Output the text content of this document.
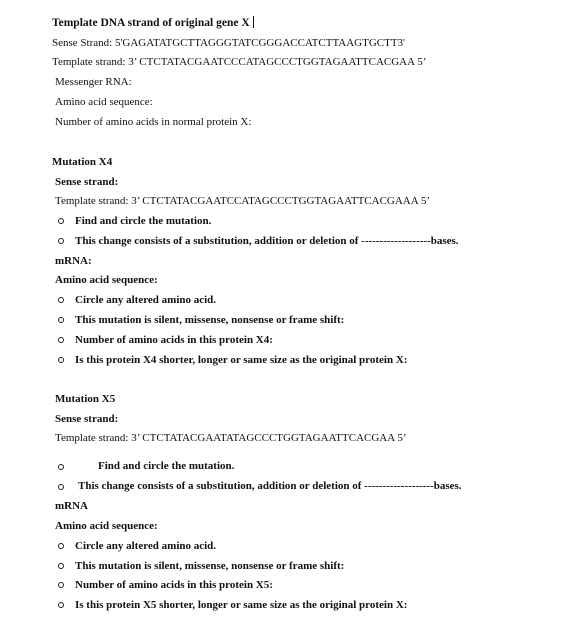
Template DNA strand of original gene X
Sense Strand: 5'GAGATATGCTTAGGGTATCGGGACCATCTTAAGTGCTT3'
Template strand: 3’ CTCTATACGAATCCCATAGCCCTGGTAGAATTCACGAA 5’
Messenger RNA:
Amino acid sequence:
Number of amino acids in normal protein X:
Mutation X4
Sense strand:
Template strand: 3’ CTCTATACGAATCCATAGCCCTGGTAGAATTCACGAAA 5’
Find and circle the mutation.
This change consists of a substitution, addition or deletion of -------------------bases.
mRNA:
Amino acid sequence:
Circle any altered amino acid.
This mutation is silent, missense, nonsense or frame shift:
Number of amino acids in this protein X4:
Is this protein X4 shorter, longer or same size as the original protein X:
Mutation X5
Sense strand:
Template strand: 3’ CTCTATACGAATATAGCCCTGGTAGAATTCACGAA 5’
Find and circle the mutation.
This change consists of a substitution, addition or deletion of -------------------bases.
mRNA
Amino acid sequence:
Circle any altered amino acid.
This mutation is silent, missense, nonsense or frame shift:
Number of amino acids in this protein X5:
Is this protein X5 shorter, longer or same size as the original protein X:
